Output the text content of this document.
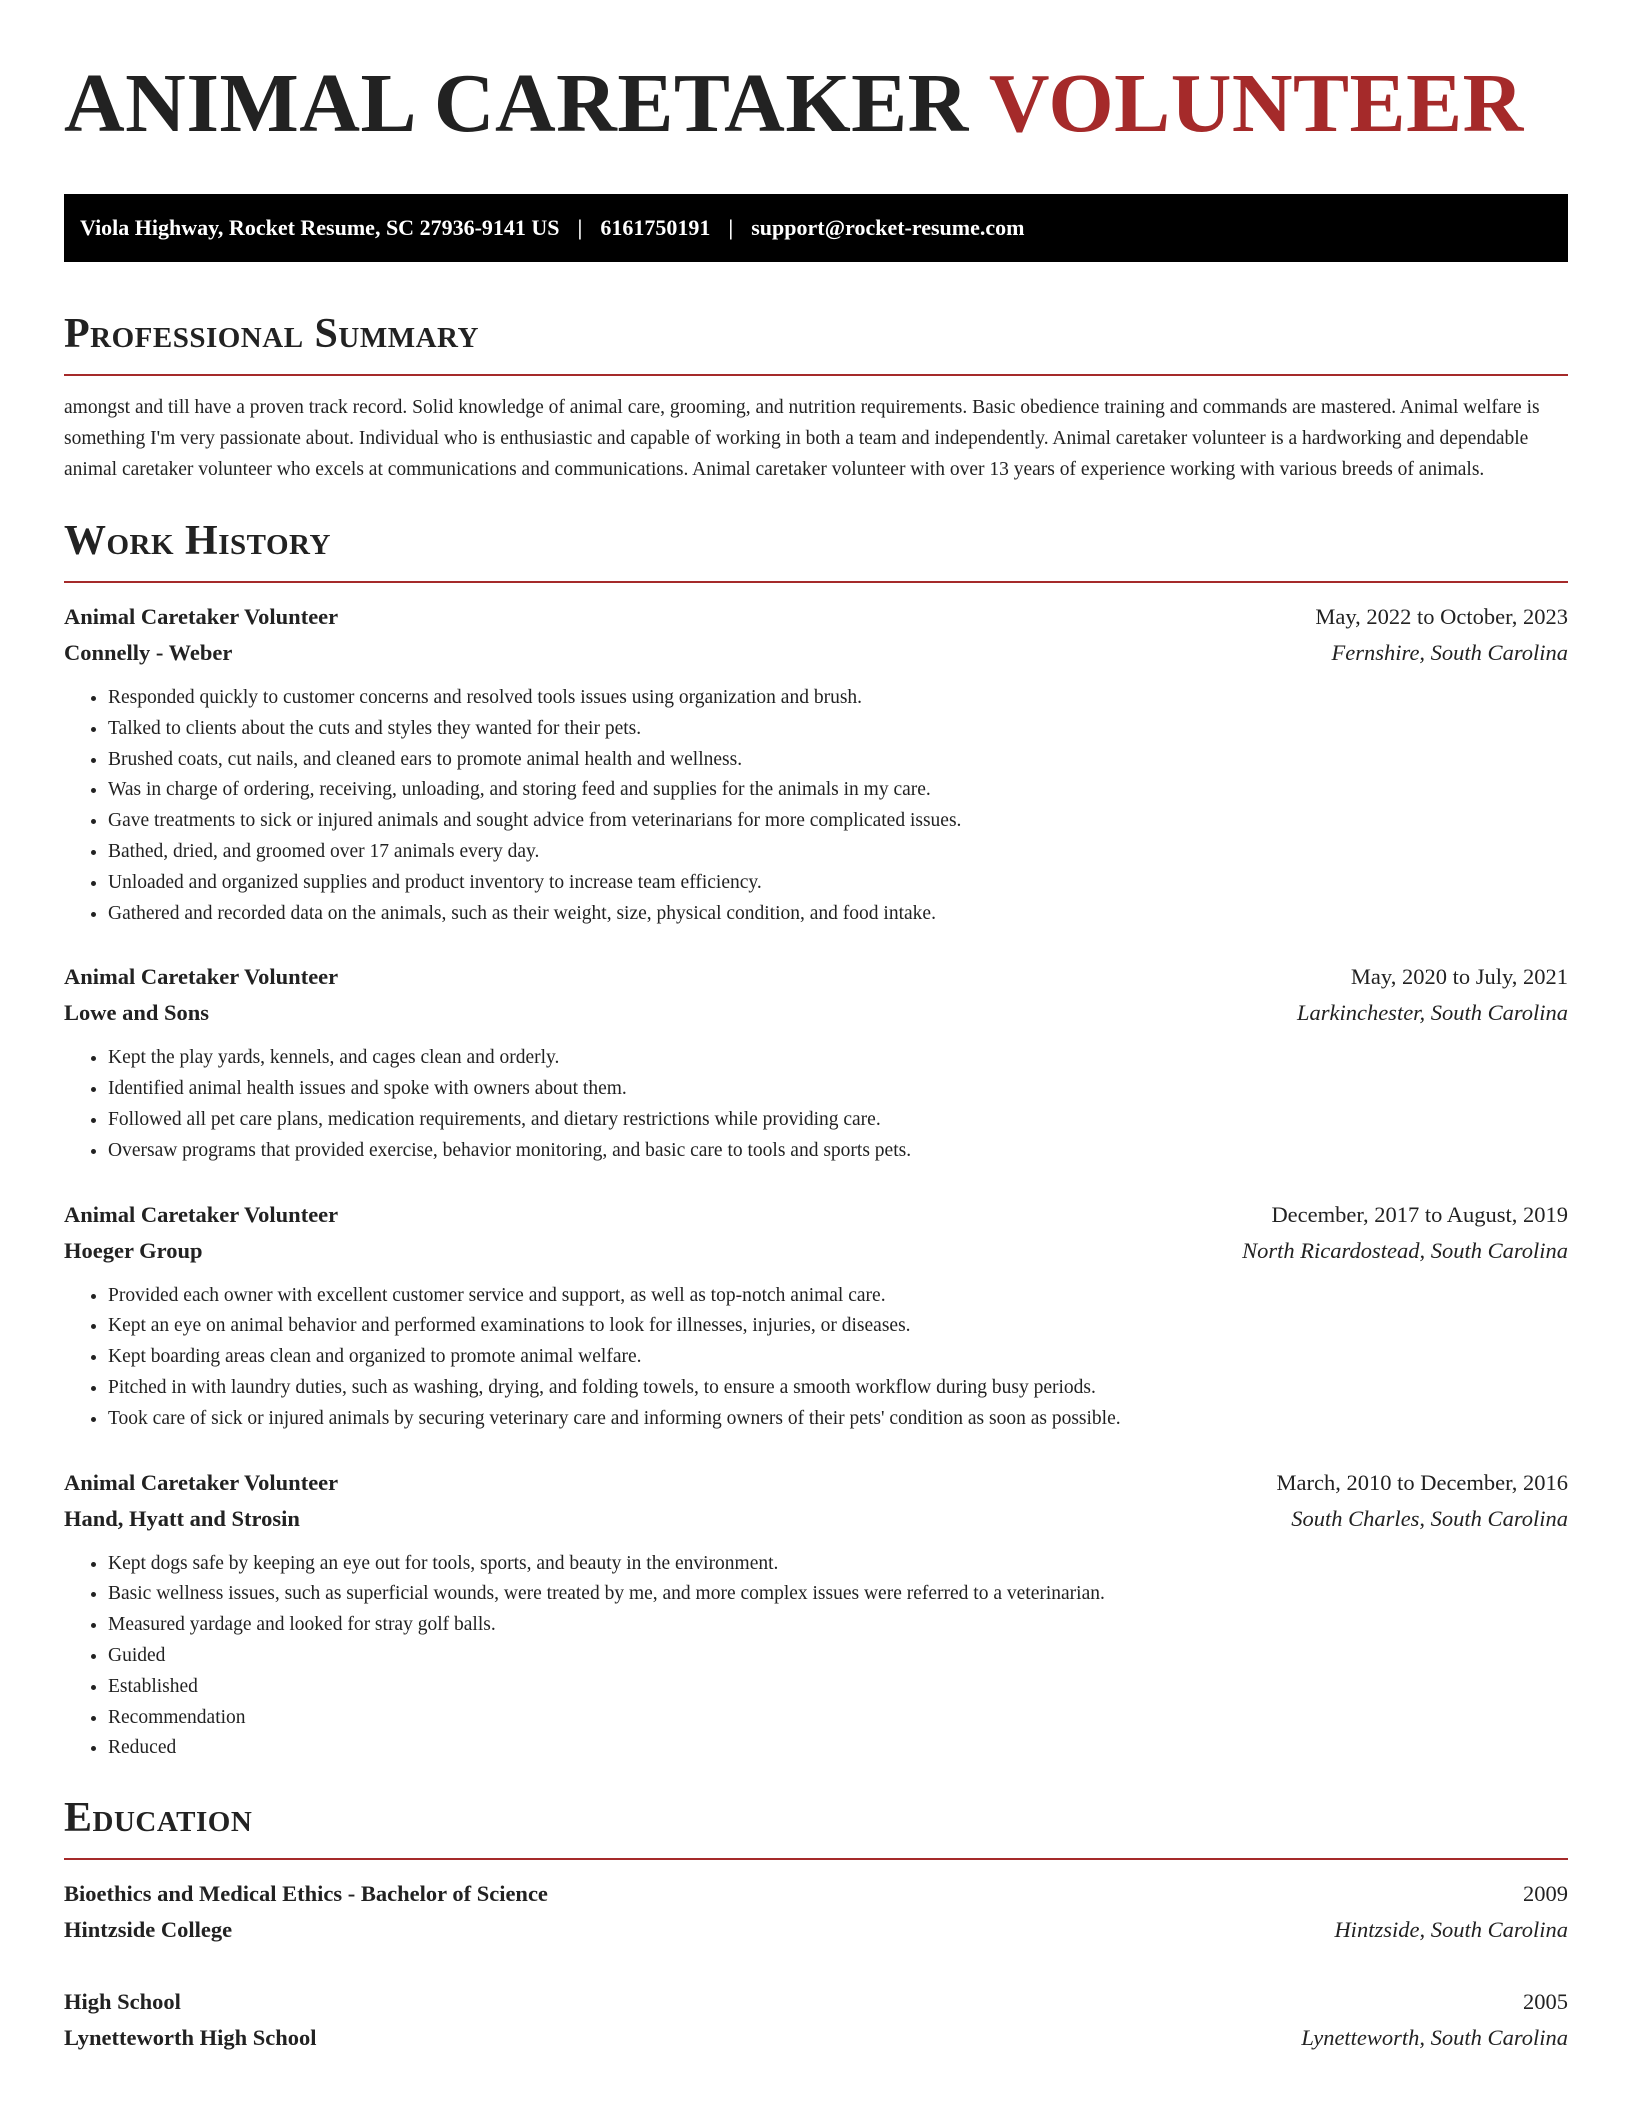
ANIMAL CARETAKER VOLUNTEER
Viola Highway, Rocket Resume, SC 27936-9141 US | 6161750191 | support@rocket-resume.com
Professional Summary

amongst and till have a proven track record. Solid knowledge of animal care, grooming, and nutrition requirements. Basic obedience training and commands are mastered. Animal welfare is something I'm very passionate about. Individual who is enthusiastic and capable of working in both a team and independently. Animal caretaker volunteer is a hardworking and dependable animal caretaker volunteer who excels at communications and communications. Animal caretaker volunteer with over 13 years of experience working with various breeds of animals.

Work History
Animal Caretaker Volunteer	May, 2022 to October, 2023
Connelly - Weber	Fernshire, South Carolina
• Responded quickly to customer concerns and resolved tools issues using organization and brush.
• Talked to clients about the cuts and styles they wanted for their pets.
• Brushed coats, cut nails, and cleaned ears to promote animal health and wellness.
• Was in charge of ordering, receiving, unloading, and storing feed and supplies for the animals in my care.
• Gave treatments to sick or injured animals and sought advice from veterinarians for more complicated issues.
• Bathed, dried, and groomed over 17 animals every day.
• Unloaded and organized supplies and product inventory to increase team efficiency.
• Gathered and recorded data on the animals, such as their weight, size, physical condition, and food intake.
Animal Caretaker Volunteer	May, 2020 to July, 2021
Lowe and Sons	Larkinchester, South Carolina
• Kept the play yards, kennels, and cages clean and orderly.
• Identified animal health issues and spoke with owners about them.
• Followed all pet care plans, medication requirements, and dietary restrictions while providing care.
• Oversaw programs that provided exercise, behavior monitoring, and basic care to tools and sports pets.
Animal Caretaker Volunteer	December, 2017 to August, 2019
Hoeger Group	North Ricardostead, South Carolina
• Provided each owner with excellent customer service and support, as well as top-notch animal care.
• Kept an eye on animal behavior and performed examinations to look for illnesses, injuries, or diseases.
• Kept boarding areas clean and organized to promote animal welfare.
• Pitched in with laundry duties, such as washing, drying, and folding towels, to ensure a smooth workflow during busy periods.
• Took care of sick or injured animals by securing veterinary care and informing owners of their pets' condition as soon as possible.
Animal Caretaker Volunteer	March, 2010 to December, 2016
Hand, Hyatt and Strosin	South Charles, South Carolina
• Kept dogs safe by keeping an eye out for tools, sports, and beauty in the environment.
• Basic wellness issues, such as superficial wounds, were treated by me, and more complex issues were referred to a veterinarian.
• Measured yardage and looked for stray golf balls.
• Guided
• Established
• Recommendation
• Reduced
Education
Bioethics and Medical Ethics - Bachelor of Science	2009
Hintzside College	Hintzside, South Carolina
High School	2005
Lynetteworth High School	Lynetteworth, South Carolina
